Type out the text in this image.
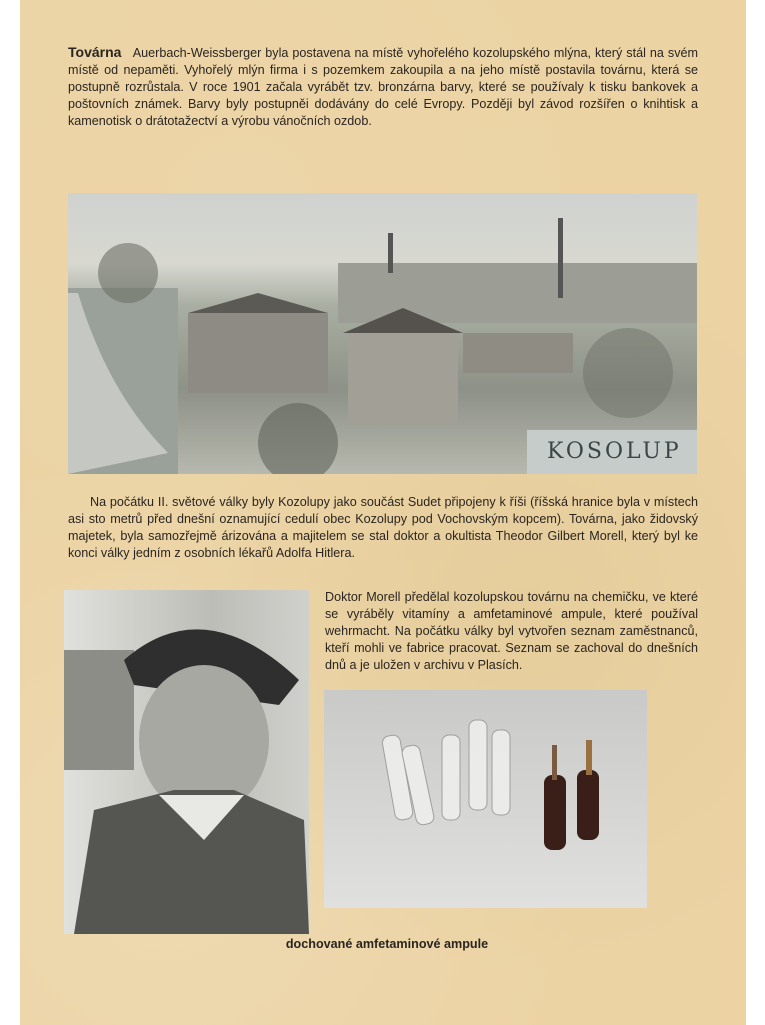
Továrna Auerbach-Weissberger byla postavena na místě vyhořelého kozolupského mlýna, který stál na svém místě od nepaměti. Vyhořelý mlýn firma i s pozemkem zakoupila a na jeho místě postavila továrnu, která se postupně rozrůstala. V roce 1901 začala vyrábět tzv. bronzárna barvy, které se používaly k tisku bankovek a poštovních známek. Barvy byly postupněi dodávány do celé Evropy. Později byl závod rozšířen o knihtisk a kamenotisk o drátotažectví a výrobu vánočních ozdob.
KOSOLUP
Na počátku II. světové války byly Kozolupy jako součást Sudet připojeny k říši (říšská hranice byla v místech asi sto metrů před dnešní oznamující cedulí obec Kozolupy pod Vochovským kopcem). Továrna, jako židovský majetek, byla samozřejmě árizována a majitelem se stal doktor a okultista Theodor Gilbert Morell, který byl ke konci války jedním z osobních lékařů Adolfa Hitlera.
Doktor Morell předělal kozolupskou továrnu na chemičku, ve které se vyráběly vitamíny a amfetaminové ampule, které používal wehrmacht. Na počátku války byl vytvořen seznam zaměstnanců, kteří mohli ve fabrice pracovat. Seznam se zachoval do dnešních dnů a je uložen v archivu v Plasích.
dochované amfetaminové ampule
